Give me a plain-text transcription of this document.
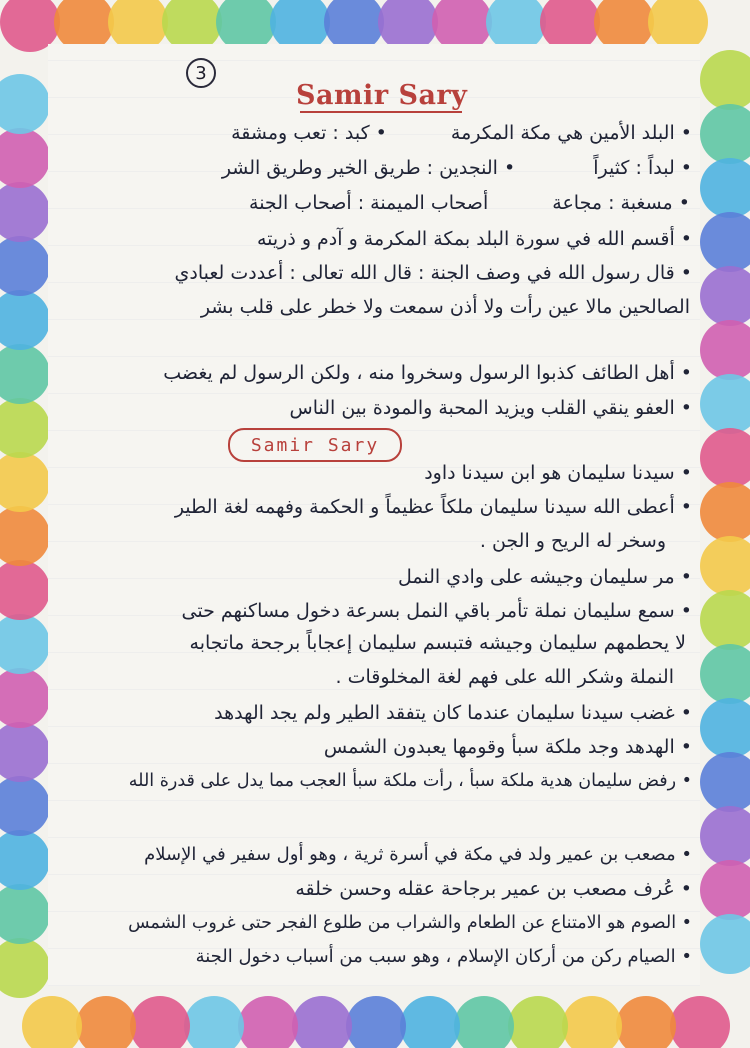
3
Samir Sary
Samir Sary
• البلد الأمين هي مكة المكرمة • كبد : تعب ومشقة
• لبداً : كثيراً • النجدين : طريق الخير وطريق الشر
• مسغبة : مجاعة أصحاب الميمنة : أصحاب الجنة
• أقسم الله في سورة البلد بمكة المكرمة و آدم و ذريته
• قال رسول الله في وصف الجنة : قال الله تعالى : أعددت لعبادي
الصالحين مالا عين رأت ولا أذن سمعت ولا خطر على قلب بشر
• أهل الطائف كذبوا الرسول وسخروا منه ، ولكن الرسول لم يغضب
• العفو ينقي القلب ويزيد المحبة والمودة بين الناس
• سيدنا سليمان هو ابن سيدنا داود
• أعطى الله سيدنا سليمان ملكاً عظيماً و الحكمة وفهمه لغة الطير
وسخر له الريح و الجن .
• مر سليمان وجيشه على وادي النمل
• سمع سليمان نملة تأمر باقي النمل بسرعة دخول مساكنهم حتى
لا يحطمهم سليمان وجيشه فتبسم سليمان إعجاباً برجحة ماتجابه
النملة وشكر الله على فهم لغة المخلوقات .
• غضب سيدنا سليمان عندما كان يتفقد الطير ولم يجد الهدهد
• الهدهد وجد ملكة سبأ وقومها يعبدون الشمس
• رفض سليمان هدية ملكة سبأ ، رأت ملكة سبأ العجب مما يدل على قدرة الله
• مصعب بن عمير ولد في مكة في أسرة ثرية ، وهو أول سفير في الإسلام
• عُرف مصعب بن عمير برجاحة عقله وحسن خلقه
• الصوم هو الامتناع عن الطعام والشراب من طلوع الفجر حتى غروب الشمس
• الصيام ركن من أركان الإسلام ، وهو سبب من أسباب دخول الجنة
